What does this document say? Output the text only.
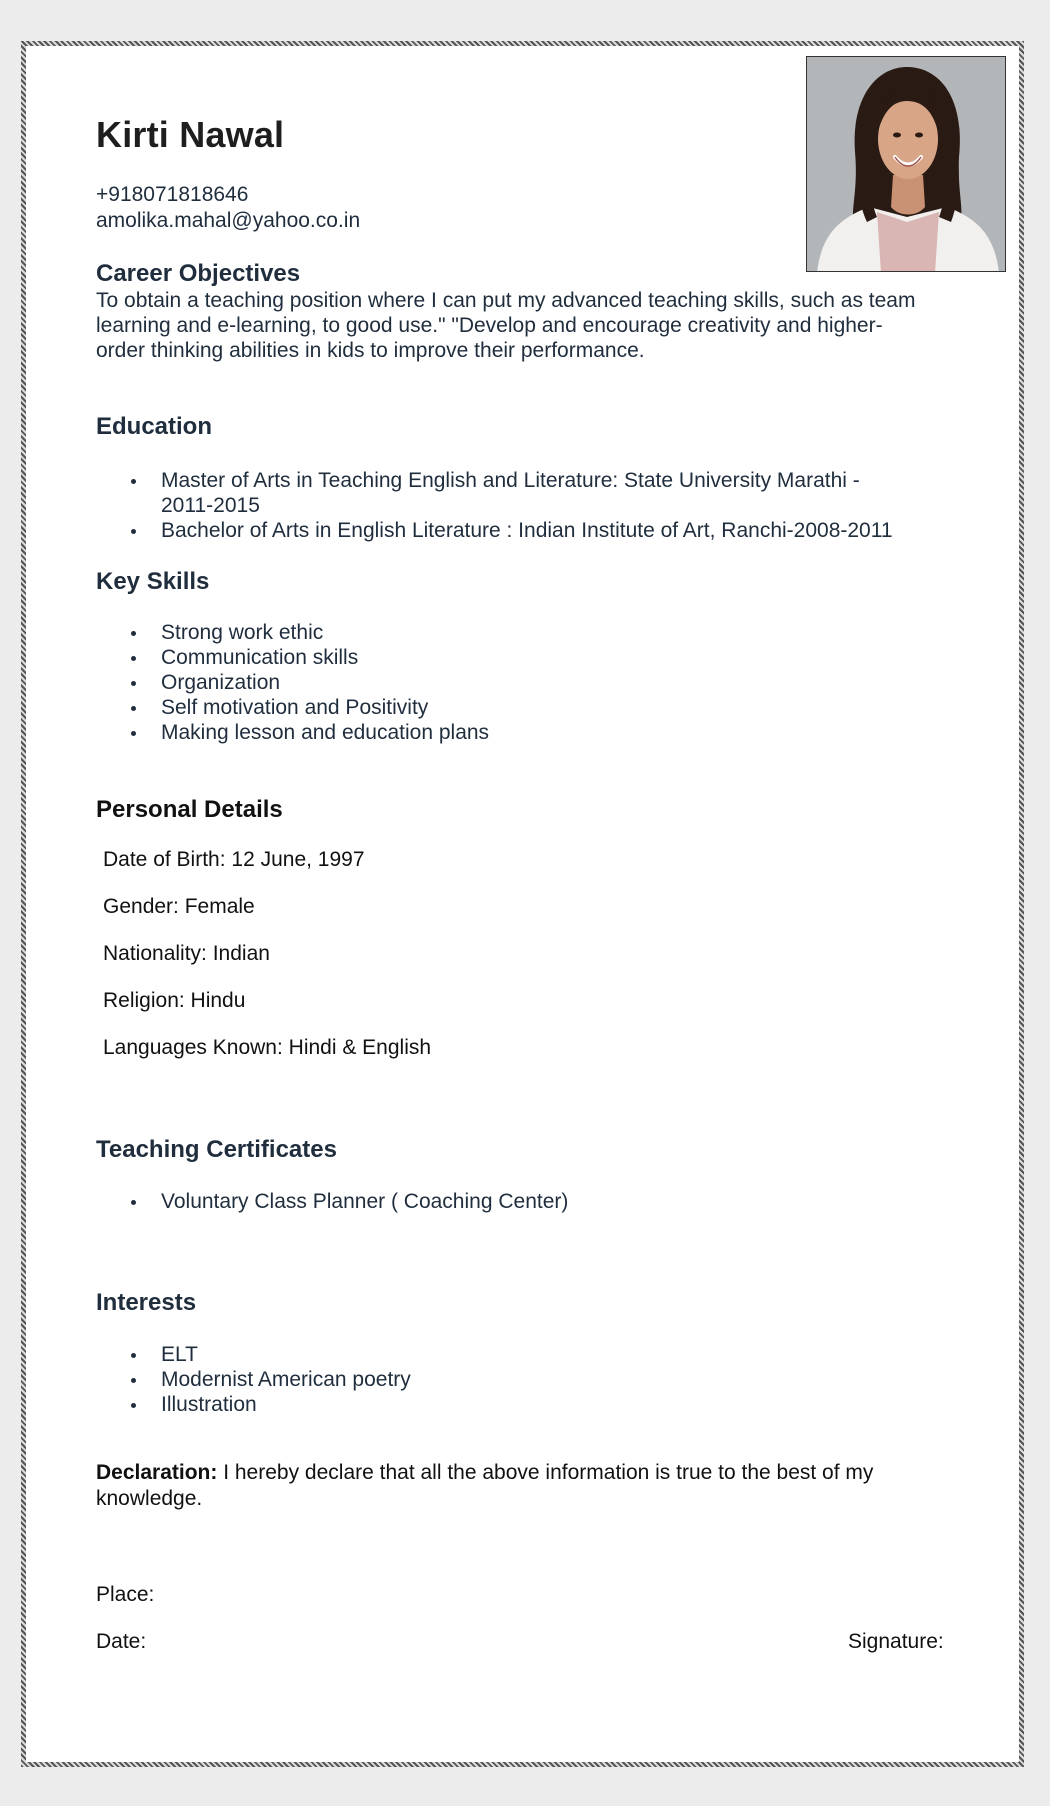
Kirti Nawal
+918071818646
amolika.mahal@yahoo.co.in
Career Objectives
To obtain a teaching position where I can put my advanced teaching skills, such as team learning and e-learning, to good use." "Develop and encourage creativity and higher-order thinking abilities in kids to improve their performance.
Education
Master of Arts in Teaching English and Literature: State University Marathi - 2011-2015
Bachelor of Arts in English Literature : Indian Institute of Art, Ranchi-2008-2011
Key Skills
Strong work ethic
Communication skills
Organization
Self motivation and Positivity
Making lesson and education plans
Personal Details
Date of Birth: 12 June, 1997
Gender: Female
Nationality: Indian
Religion: Hindu
Languages Known: Hindi & English
Teaching Certificates
Voluntary Class Planner ( Coaching Center)
Interests
ELT
Modernist American poetry
Illustration
Declaration: I hereby declare that all the above information is true to the best of my knowledge.
Place:
Date:	Signature:
